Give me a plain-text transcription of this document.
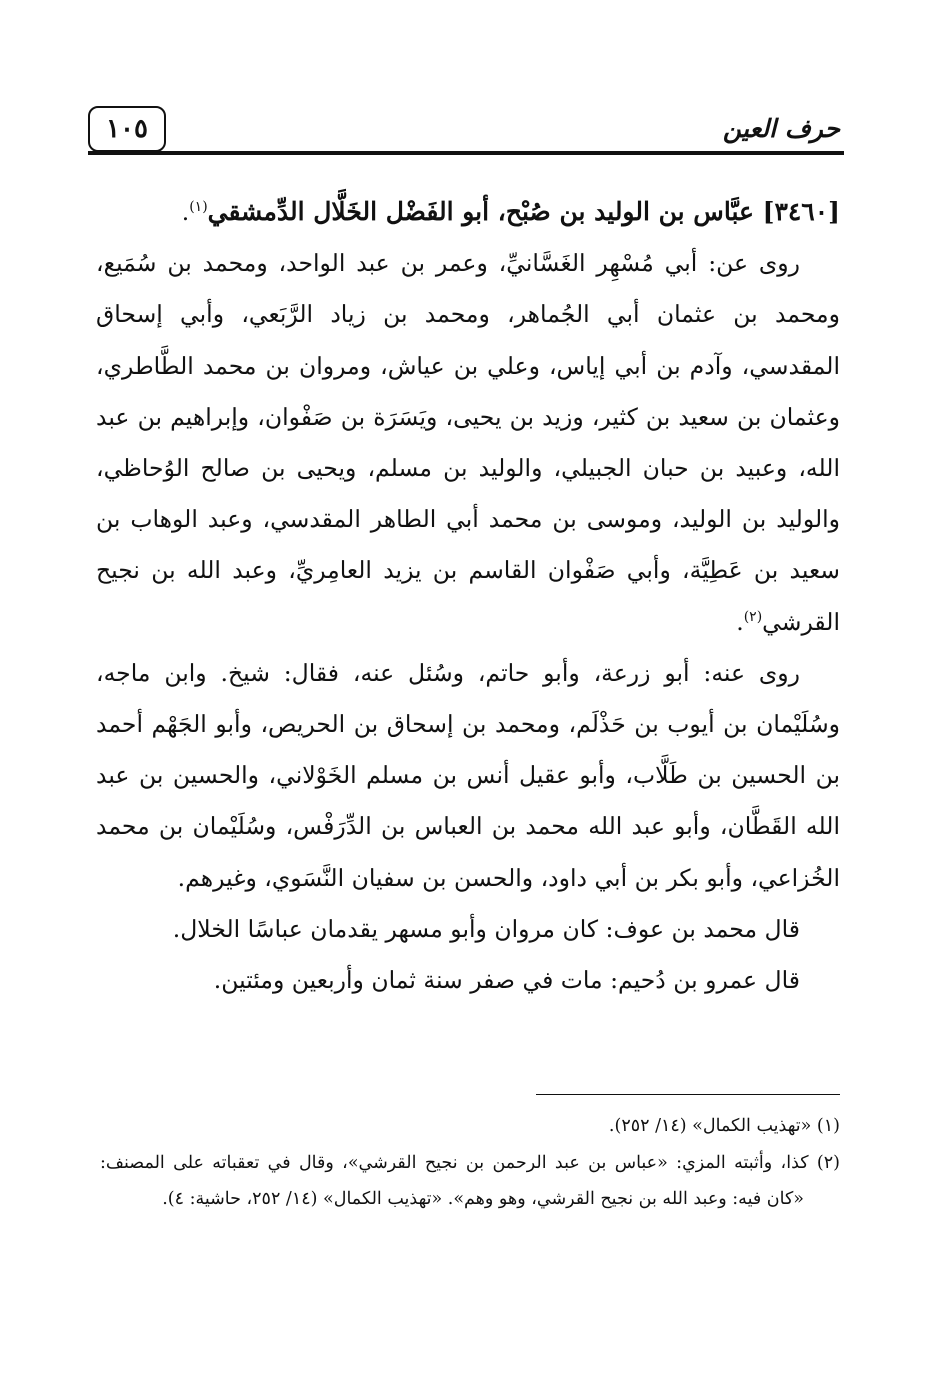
١٠٥	حرف العين

[٣٤٦٠] عبَّاس بن الوليد بن صُبْح، أبو الفَضْل الخَلَّال الدِّمشقي$^{(١)}$.

روى عن: أبي مُسْهِر الغَسَّانيِّ، وعمر بن عبد الواحد، ومحمد بن سُمَيع، ومحمد بن عثمان أبي الجُماهر، ومحمد بن زياد الرَّبَعي، وأبي إسحاق المقدسي، وآدم بن أبي إياس، وعلي بن عياش، ومروان بن محمد الطَّاطري، وعثمان بن سعيد بن كثير، وزيد بن يحيى، ويَسَرَة بن صَفْوان، وإبراهيم بن عبد الله، وعبيد بن حبان الجبيلي، والوليد بن مسلم، ويحيى بن صالح الوُحاظي، والوليد بن الوليد، وموسى بن محمد أبي الطاهر المقدسي، وعبد الوهاب بن سعيد بن عَطِيَّة، وأبي صَفْوان القاسم بن يزيد العامِريِّ، وعبد الله بن نجيح القرشي$^{(٢)}$.

روى عنه: أبو زرعة، وأبو حاتم، وسُئل عنه، فقال: شيخ. وابن ماجه، وسُلَيْمان بن أيوب بن حَذْلَم، ومحمد بن إسحاق بن الحريص، وأبو الجَهْم أحمد بن الحسين بن طَلَّاب، وأبو عقيل أنس بن مسلم الخَوْلاني، والحسين بن عبد الله القَطَّان، وأبو عبد الله محمد بن العباس بن الدِّرَفْس، وسُلَيْمان بن محمد الخُزاعي، وأبو بكر بن أبي داود، والحسن بن سفيان النَّسَوي، وغيرهم.

قال محمد بن عوف: كان مروان وأبو مسهر يقدمان عباسًا الخلال.

قال عمرو بن دُحيم: مات في صفر سنة ثمان وأربعين ومئتين.

(١) «تهذيب الكمال» (١٤/ ٢٥٢).

(٢) كذا، وأثبته المزي: «عباس بن عبد الرحمن بن نجيح القرشي»، وقال في تعقباته على المصنف: «كان فيه: وعبد الله بن نجيح القرشي، وهو وهم». «تهذيب الكمال» (١٤/ ٢٥٢، حاشية: ٤).
